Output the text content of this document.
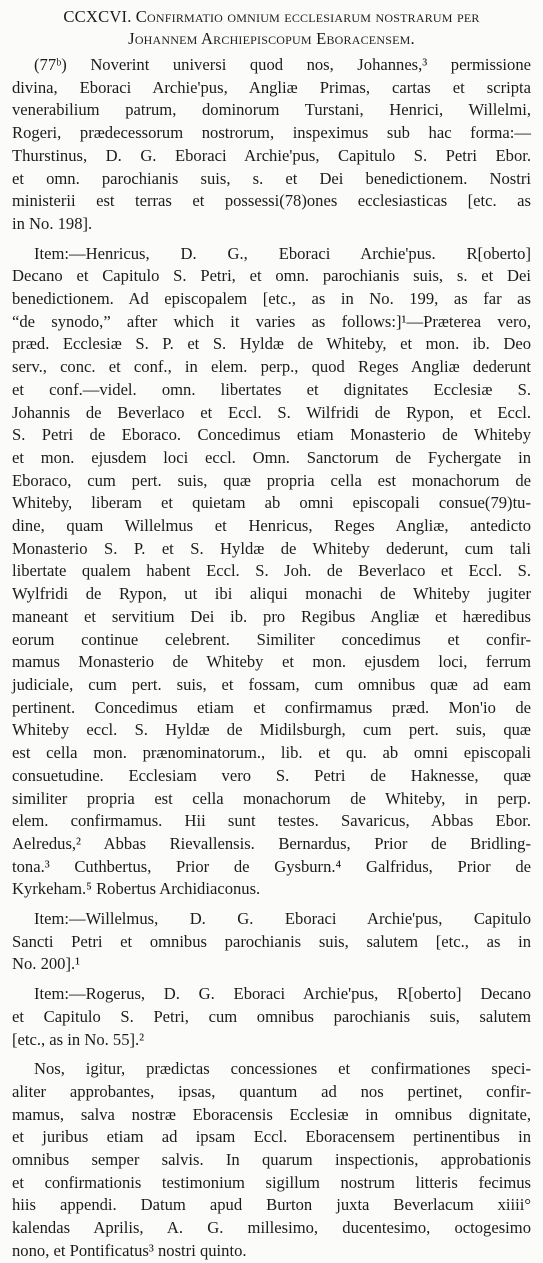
CCXCVI. Confirmatio omnium ecclesiarum nostrarum per
Johannem Archiepiscopum Eboracensem.
(77ᵇ) Noverint universi quod nos, Johannes,³ permissione
divina, Eboraci Archie'pus, Angliæ Primas, cartas et scripta
venerabilium patrum, dominorum Turstani, Henrici, Willelmi,
Rogeri, prædecessorum nostrorum, inspeximus sub hac forma:—
Thurstinus, D. G. Eboraci Archie'pus, Capitulo S. Petri Ebor.
et omn. parochianis suis, s. et Dei benedictionem. Nostri
ministerii est terras et possessi(78)ones ecclesiasticas [etc. as
in No. 198].
Item:—Henricus, D. G., Eboraci Archie'pus. R[oberto]
Decano et Capitulo S. Petri, et omn. parochianis suis, s. et Dei
benedictionem. Ad episcopalem [etc., as in No. 199, as far as
“de synodo,” after which it varies as follows:]¹—Præterea vero,
præd. Ecclesiæ S. P. et S. Hyldæ de Whiteby, et mon. ib. Deo
serv., conc. et conf., in elem. perp., quod Reges Angliæ dederunt
et conf.—videl. omn. libertates et dignitates Ecclesiæ S.
Johannis de Beverlaco et Eccl. S. Wilfridi de Rypon, et Eccl.
S. Petri de Eboraco. Concedimus etiam Monasterio de Whiteby
et mon. ejusdem loci eccl. Omn. Sanctorum de Fychergate in
Eboraco, cum pert. suis, quæ propria cella est monachorum de
Whiteby, liberam et quietam ab omni episcopali consue(79)tu-
dine, quam Willelmus et Henricus, Reges Angliæ, antedicto
Monasterio S. P. et S. Hyldæ de Whiteby dederunt, cum tali
libertate qualem habent Eccl. S. Joh. de Beverlaco et Eccl. S.
Wylfridi de Rypon, ut ibi aliqui monachi de Whiteby jugiter
maneant et servitium Dei ib. pro Regibus Angliæ et hæredibus
eorum continue celebrent. Similiter concedimus et confir-
mamus Monasterio de Whiteby et mon. ejusdem loci, ferrum
judiciale, cum pert. suis, et fossam, cum omnibus quæ ad eam
pertinent. Concedimus etiam et confirmamus præd. Mon'io de
Whiteby eccl. S. Hyldæ de Midilsburgh, cum pert. suis, quæ
est cella mon. prænominatorum., lib. et qu. ab omni episcopali
consuetudine. Ecclesiam vero S. Petri de Haknesse, quæ
similiter propria est cella monachorum de Whiteby, in perp.
elem. confirmamus. Hii sunt testes. Savaricus, Abbas Ebor.
Aelredus,² Abbas Rievallensis. Bernardus, Prior de Bridling-
tona.³ Cuthbertus, Prior de Gysburn.⁴ Galfridus, Prior de
Kyrkeham.⁵ Robertus Archidiaconus.
Item:—Willelmus, D. G. Eboraci Archie'pus, Capitulo
Sancti Petri et omnibus parochianis suis, salutem [etc., as in
No. 200].¹
Item:—Rogerus, D. G. Eboraci Archie'pus, R[oberto] Decano
et Capitulo S. Petri, cum omnibus parochianis suis, salutem
[etc., as in No. 55].²
Nos, igitur, prædictas concessiones et confirmationes speci-
aliter approbantes, ipsas, quantum ad nos pertinet, confir-
mamus, salva nostræ Eboracensis Ecclesiæ in omnibus dignitate,
et juribus etiam ad ipsam Eccl. Eboracensem pertinentibus in
omnibus semper salvis. In quarum inspectionis, approbationis
et confirmationis testimonium sigillum nostrum litteris fecimus
hiis appendi. Datum apud Burton juxta Beverlacum xiiii°
kalendas Aprilis, A. G. millesimo, ducentesimo, octogesimo
nono, et Pontificatus³ nostri quinto.
